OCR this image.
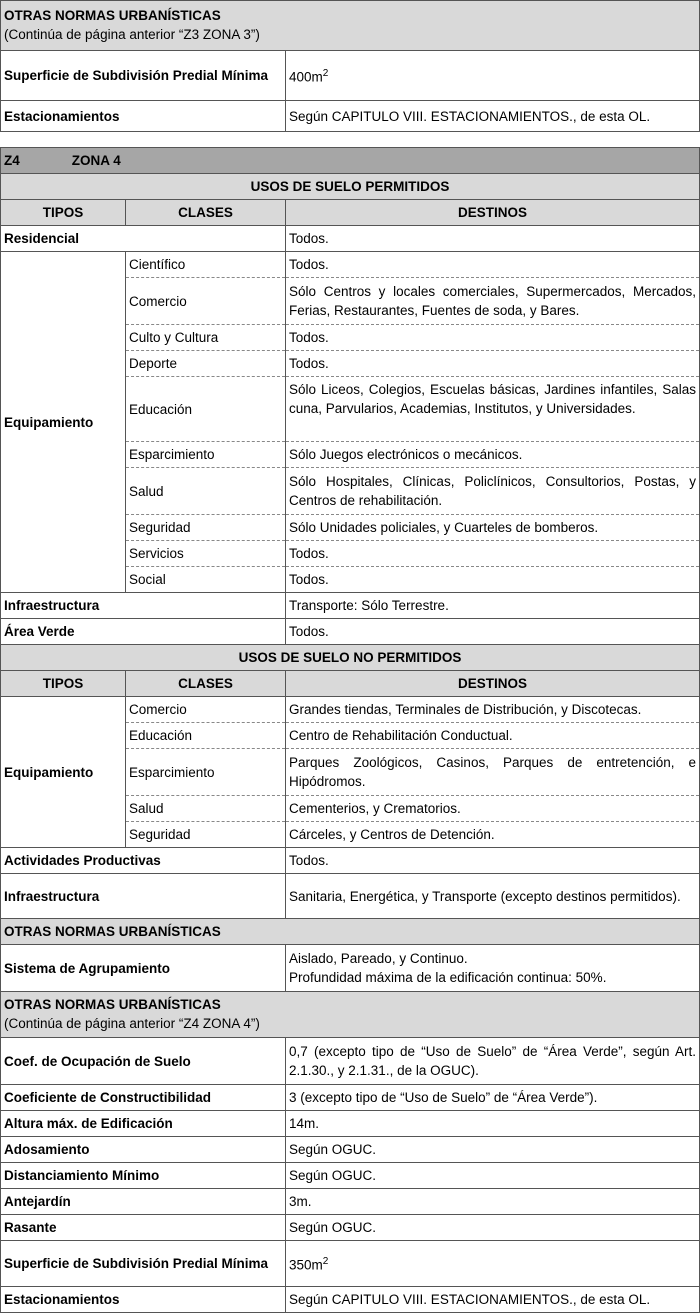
OTRAS NORMAS URBANÍSTICAS
(Continúa de página anterior “Z3 ZONA 3”)	

Superficie de Subdivisión Predial Mínima	$400m^2$
Estacionamientos	Según CAPITULO VIII. ESTACIONAMIENTOS., de esta OL.
Z4 ZONA 4		
USOS DE SUELO PERMITIDOS		
TIPOS	CLASES	DESTINOS
Residencial		Todos.
Equipamiento	Científico	Todos.
	Comercio	Sólo Centros y locales comerciales, Supermercados, Mercados, Ferias, Restaurantes, Fuentes de soda, y Bares.
	Culto y Cultura	Todos.
	Deporte	Todos.
	Educación	Sólo Liceos, Colegios, Escuelas básicas, Jardines infantiles, Salas cuna, Parvularios, Academias, Institutos, y Universidades.
	Esparcimiento	Sólo Juegos electrónicos o mecánicos.
	Salud	Sólo Hospitales, Clínicas, Policlínicos, Consultorios, Postas, y Centros de rehabilitación.
	Seguridad	Sólo Unidades policiales, y Cuarteles de bomberos.
	Servicios	Todos.
	Social	Todos.
Infraestructura		Transporte: Sólo Terrestre.
Área Verde		Todos.
USOS DE SUELO NO PERMITIDOS		
TIPOS	CLASES	DESTINOS
Equipamiento	Comercio	Grandes tiendas, Terminales de Distribución, y Discotecas.
	Educación	Centro de Rehabilitación Conductual.
	Esparcimiento	Parques Zoológicos, Casinos, Parques de entretención, e Hipódromos.
	Salud	Cementerios, y Crematorios.
	Seguridad	Cárceles, y Centros de Detención.
Actividades Productivas		Todos.
Infraestructura		Sanitaria, Energética, y Transporte (excepto destinos permitidos).
OTRAS NORMAS URBANÍSTICAS		
Sistema de Agrupamiento		Aislado, Pareado, y Continuo.
Profundidad máxima de la edificación continua: 50%.

OTRAS NORMAS URBANÍSTICAS
(Continúa de página anterior “Z4 ZONA 4”)		

Coef. de Ocupación de Suelo		0,7 (excepto tipo de “Uso de Suelo” de “Área Verde”, según Art. 2.1.30., y 2.1.31., de la OGUC).
Coeficiente de Constructibilidad		3 (excepto tipo de “Uso de Suelo” de “Área Verde”).
Altura máx. de Edificación		14m.
Adosamiento		Según OGUC.
Distanciamiento Mínimo		Según OGUC.
Antejardín		3m.
Rasante		Según OGUC.
Superficie de Subdivisión Predial Mínima		$350m^2$
Estacionamientos		Según CAPITULO VIII. ESTACIONAMIENTOS., de esta OL.
